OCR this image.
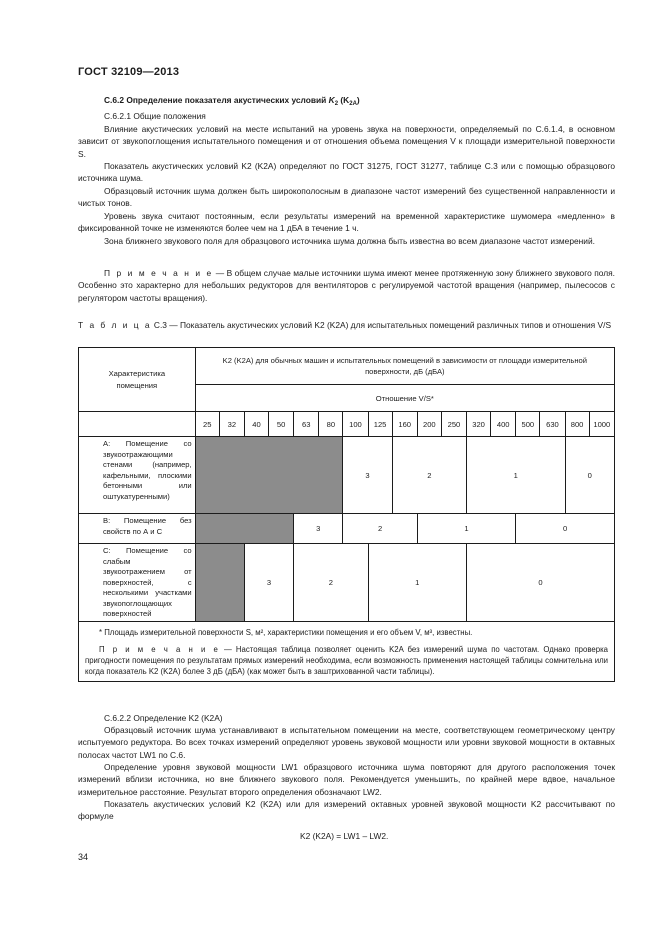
ГОСТ 32109—2013
С.6.2 Определение показателя акустических условий $K_2$ $(K_{2A})$
С.6.2.1 Общие положения
Влияние акустических условий на месте испытаний на уровень звука на поверхности, определяемый по С.6.1.4, в основном зависит от звукопоглощения испытательного помещения и от отношения объема помещения V к площади измерительной поверхности S.
Показатель акустических условий K2 (K2A) определяют по ГОСТ 31275, ГОСТ 31277, таблице С.3 или с помощью образцового источника шума.
Образцовый источник шума должен быть широкополосным в диапазоне частот измерений без существенной направленности и чистых тонов.
Уровень звука считают постоянным, если результаты измерений на временной характеристике шумомера «медленно» в фиксированной точке не изменяются более чем на 1 дБА в течение 1 ч.
Зона ближнего звукового поля для образцового источника шума должна быть известна во всем диапазоне частот измерений.
П р и м е ч а н и е — В общем случае малые источники шума имеют менее протяженную зону ближнего звукового поля. Особенно это характерно для небольших редукторов для вентиляторов с регулируемой частотой вращения (например, пылесосов с регулятором частоты вращения).
Т а б л и ц а С.3 — Показатель акустических условий K2 (K2A) для испытательных помещений различных типов и отношения V/S
Характеристика помещения	K2 (K2A) для обычных машин и испытательных помещений в зависимости от площади измерительной поверхности, дБ (дБА)																
	Отношение V/S*																
	25	32	40	50	63	80	100	125	160	200	250	320	400	500	630	800	1000
А: Помещение со звукоотражающими стенами (например, кафельными, плоскими бетонными или оштукатуренными)							3		2			1				0	
В: Помещение без свойств по А и С					3		2			1				0			
С: Помещение со слабым звукоотражением от поверхностей, с несколькими участками звукопоглощающих поверхностей			3		2			1				0					

* Площадь измерительной поверхности S, м², характеристики помещения и его объем V, м³, известны.

П р и м е ч а н и е — Настоящая таблица позволяет оценить K2A без измерений шума по частотам. Однако проверка пригодности помещения по результатам прямых измерений необходима, если возможность применения настоящей таблицы сомнительна или когда показатель K2 (K2A) более 3 дБ (дБА) (как может быть в заштрихованной части таблицы).																	

С.6.2.2 Определение K2 (K2A)
Образцовый источник шума устанавливают в испытательном помещении на месте, соответствующем геометрическому центру испытуемого редуктора. Во всех точках измерений определяют уровень звуковой мощности или уровни звуковой мощности в октавных полосах частот LW1 по С.6.
Определение уровня звуковой мощности LW1 образцового источника шума повторяют для другого расположения точек измерений вблизи источника, но вне ближнего звукового поля. Рекомендуется уменьшить, по крайней мере вдвое, начальное измерительное расстояние. Результат второго определения обозначают LW2.
Показатель акустических условий K2 (K2A) или для измерений октавных уровней звуковой мощности K2 рассчитывают по формуле
K2 (K2A) = LW1 – LW2.
34
